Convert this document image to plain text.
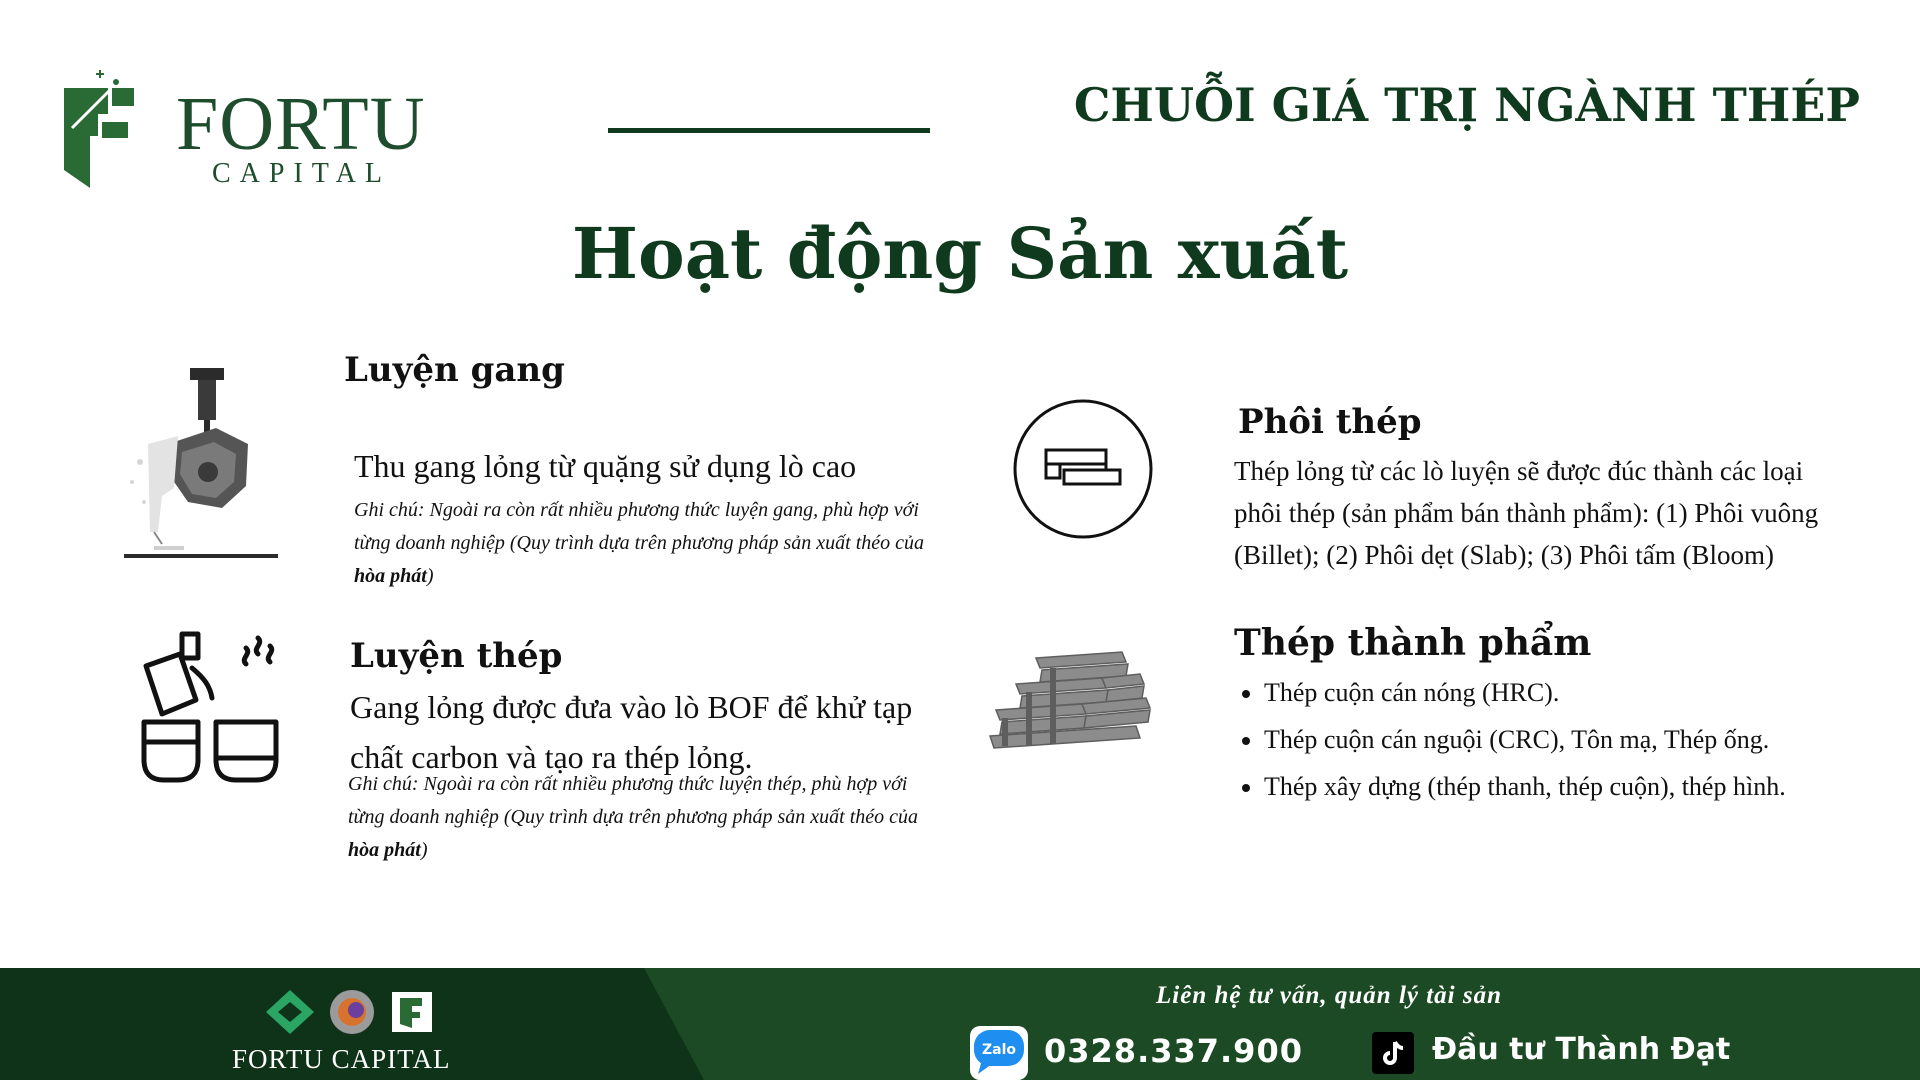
FORTU
CAPITAL
CHUỖI GIÁ TRỊ NGÀNH THÉP
Hoạt động Sản xuất
Luyện gang
Thu gang lỏng từ quặng sử dụng lò cao
Ghi chú: Ngoài ra còn rất nhiều phương thức luyện gang, phù hợp với từng doanh nghiệp (Quy trình dựa trên phương pháp sản xuất théo của hòa phát)
Luyện thép
Gang lỏng được đưa vào lò BOF để khử tạp chất carbon và tạo ra thép lỏng.
Ghi chú: Ngoài ra còn rất nhiều phương thức luyện thép, phù hợp với từng doanh nghiệp (Quy trình dựa trên phương pháp sản xuất théo của hòa phát)
Phôi thép
Thép lỏng từ các lò luyện sẽ được đúc thành các loại phôi thép (sản phẩm bán thành phẩm): (1) Phôi vuông (Billet); (2) Phôi dẹt (Slab); (3) Phôi tấm (Bloom)
Thép thành phẩm
Thép cuộn cán nóng (HRC).
Thép cuộn cán nguội (CRC), Tôn mạ, Thép ống.
Thép xây dựng (thép thanh, thép cuộn), thép hình.
FORTU CAPITAL
Liên hệ tư vấn, quản lý tài sản
Zalo 0328.337.900	Đầu tư Thành Đạt
